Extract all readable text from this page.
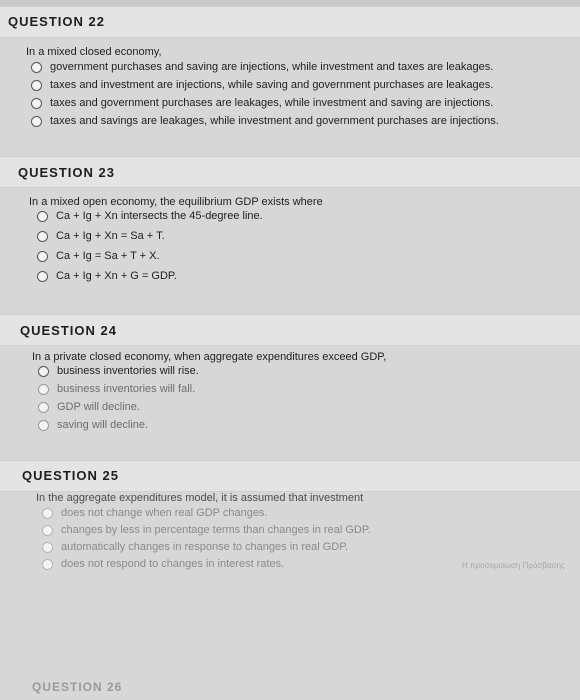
QUESTION 22
In a mixed closed economy,
government purchases and saving are injections, while investment and taxes are leakages.
taxes and investment are injections, while saving and government purchases are leakages.
taxes and government purchases are leakages, while investment and saving are injections.
taxes and savings are leakages, while investment and government purchases are injections.
QUESTION 23
In a mixed open economy, the equilibrium GDP exists where
Ca + Ig + Xn intersects the 45-degree line.
Ca + Ig + Xn = Sa + T.
Ca + Ig = Sa + T + X.
Ca + Ig + Xn + G = GDP.
QUESTION 24
In a private closed economy, when aggregate expenditures exceed GDP,
business inventories will rise.
business inventories will fall.
GDP will decline.
saving will decline.
QUESTION 25
In the aggregate expenditures model, it is assumed that investment
does not change when real GDP changes.
changes by less in percentage terms than changes in real GDP.
automatically changes in response to changes in real GDP.
does not respond to changes in interest rates.	Η προσομοίωση Πρόσβασης
QUESTION 26
